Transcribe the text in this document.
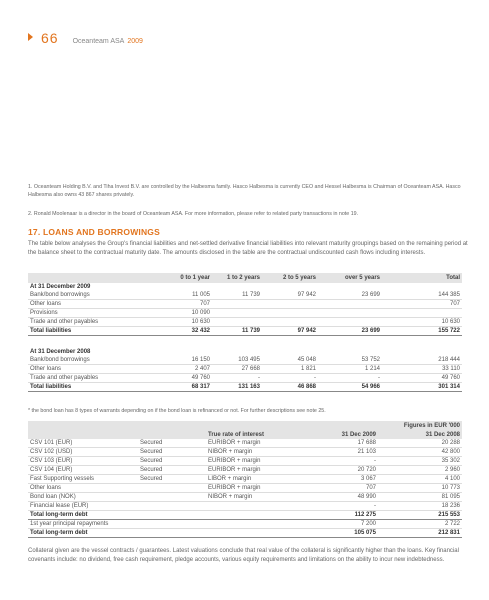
66 Oceanteam ASA 2009
1. Oceanteam Holding B.V. and Tiha Invest B.V. are controlled by the Halbesma family. Hasco Halbesma is currently CEO and Hessel Halbesma is Chairman of Oceanteam ASA. Hasco Halbesma also owns 43 867 shares privately.
2. Ronald Moolenaar is a director in the board of Oceanteam ASA. For more information, please refer to related party transactions in note 19.
17. LOANS AND BORROWINGS
The table below analyses the Group's financial liabilities and net-settled derivative financial liabilities into relevant maturity groupings based on the remaining period at the balance sheet to the contractual maturity date. The amounts disclosed in the table are the contractual undiscounted cash flows including interests.
	0 to 1 year	1 to 2 years	2 to 5 years	over 5 years	Total
At 31 December 2009					
Bank/bond borrowings	11 005	11 739	97 942	23 699	144 385
Other loans	707				707
Provisions	10 090				
Trade and other payables	10 630				10 630
Total liabilities	32 432	11 739	97 942	23 699	155 722

At 31 December 2008					
Bank/bond borrowings	16 150	103 495	45 048	53 752	218 444
Other loans	2 407	27 668	1 821	1 214	33 110
Trade and other payables	49 760	-	-	-	49 760
Total liabilities	68 317	131 163	46 868	54 966	301 314
* the bond loan has 8 types of warrants depending on if the bond loan is refinanced or not. For further descriptions see note 25.
Figures in EUR '000				
		True rate of interest	31 Dec 2009	31 Dec 2008
CSV 101 (EUR)	Secured	EURIBOR + margin	17 688	20 288
CSV 102 (USD)	Secured	NIBOR + margin	21 103	42 800
CSV 103 (EUR)	Secured	EURIBOR + margin	-	35 302
CSV 104 (EUR)	Secured	EURIBOR + margin	20 720	2 960
Fast Supporting vessels	Secured	LIBOR + margin	3 067	4 100
Other loans		EURIBOR + margin	707	10 773
Bond loan (NOK)		NIBOR + margin	48 990	81 095
Financial lease (EUR)			-	18 236
Total long-term debt			112 275	215 553
1st year principal repayments			7 200	2 722
Total long-term debt			105 075	212 831
Collateral given are the vessel contracts / guarantees. Latest valuations conclude that real value of the collateral is significantly higher than the loans. Key financial covenants include: no dividend, free cash requirement, pledge accounts, various equity requirements and limitations on the ability to incur new indebtedness.
